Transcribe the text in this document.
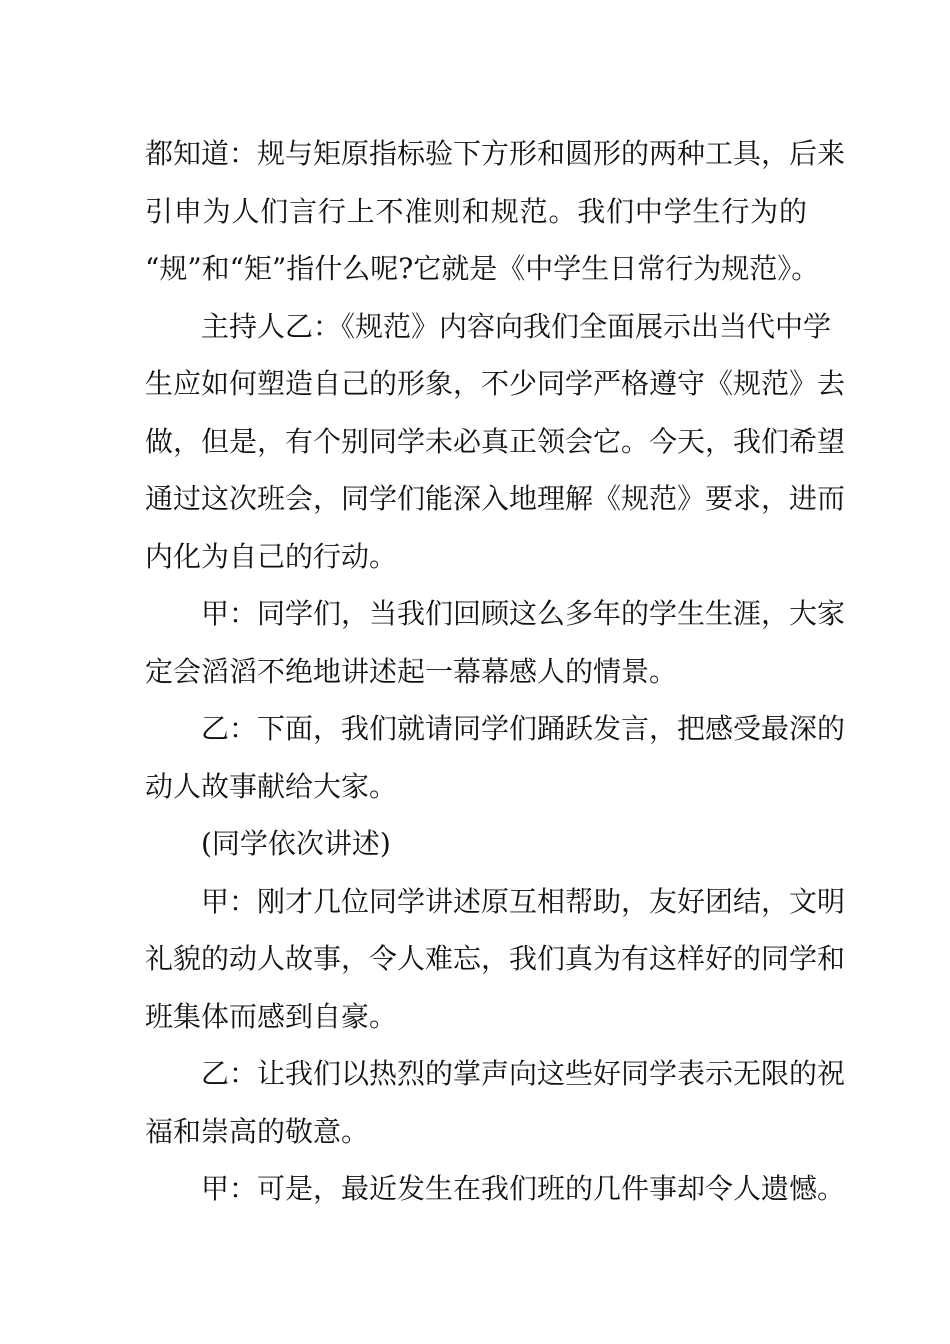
都知道：规与矩原指标验下方形和圆形的两种工具，后来
引申为人们言行上不准则和规范。我们中学生行为的
“规”和“矩”指什么呢?它就是《中学生日常行为规范》。
主持人乙：《规范》内容向我们全面展示出当代中学
生应如何塑造自己的形象，不少同学严格遵守《规范》去
做，但是，有个别同学未必真正领会它。今天，我们希望
通过这次班会，同学们能深入地理解《规范》要求，进而
内化为自己的行动。
甲：同学们，当我们回顾这么多年的学生生涯，大家
定会滔滔不绝地讲述起一幕幕感人的情景。
乙：下面，我们就请同学们踊跃发言，把感受最深的
动人故事献给大家。
(同学依次讲述)
甲：刚才几位同学讲述原互相帮助，友好团结，文明
礼貌的动人故事，令人难忘，我们真为有这样好的同学和
班集体而感到自豪。
乙：让我们以热烈的掌声向这些好同学表示无限的祝
福和崇高的敬意。
甲：可是，最近发生在我们班的几件事却令人遗憾。
